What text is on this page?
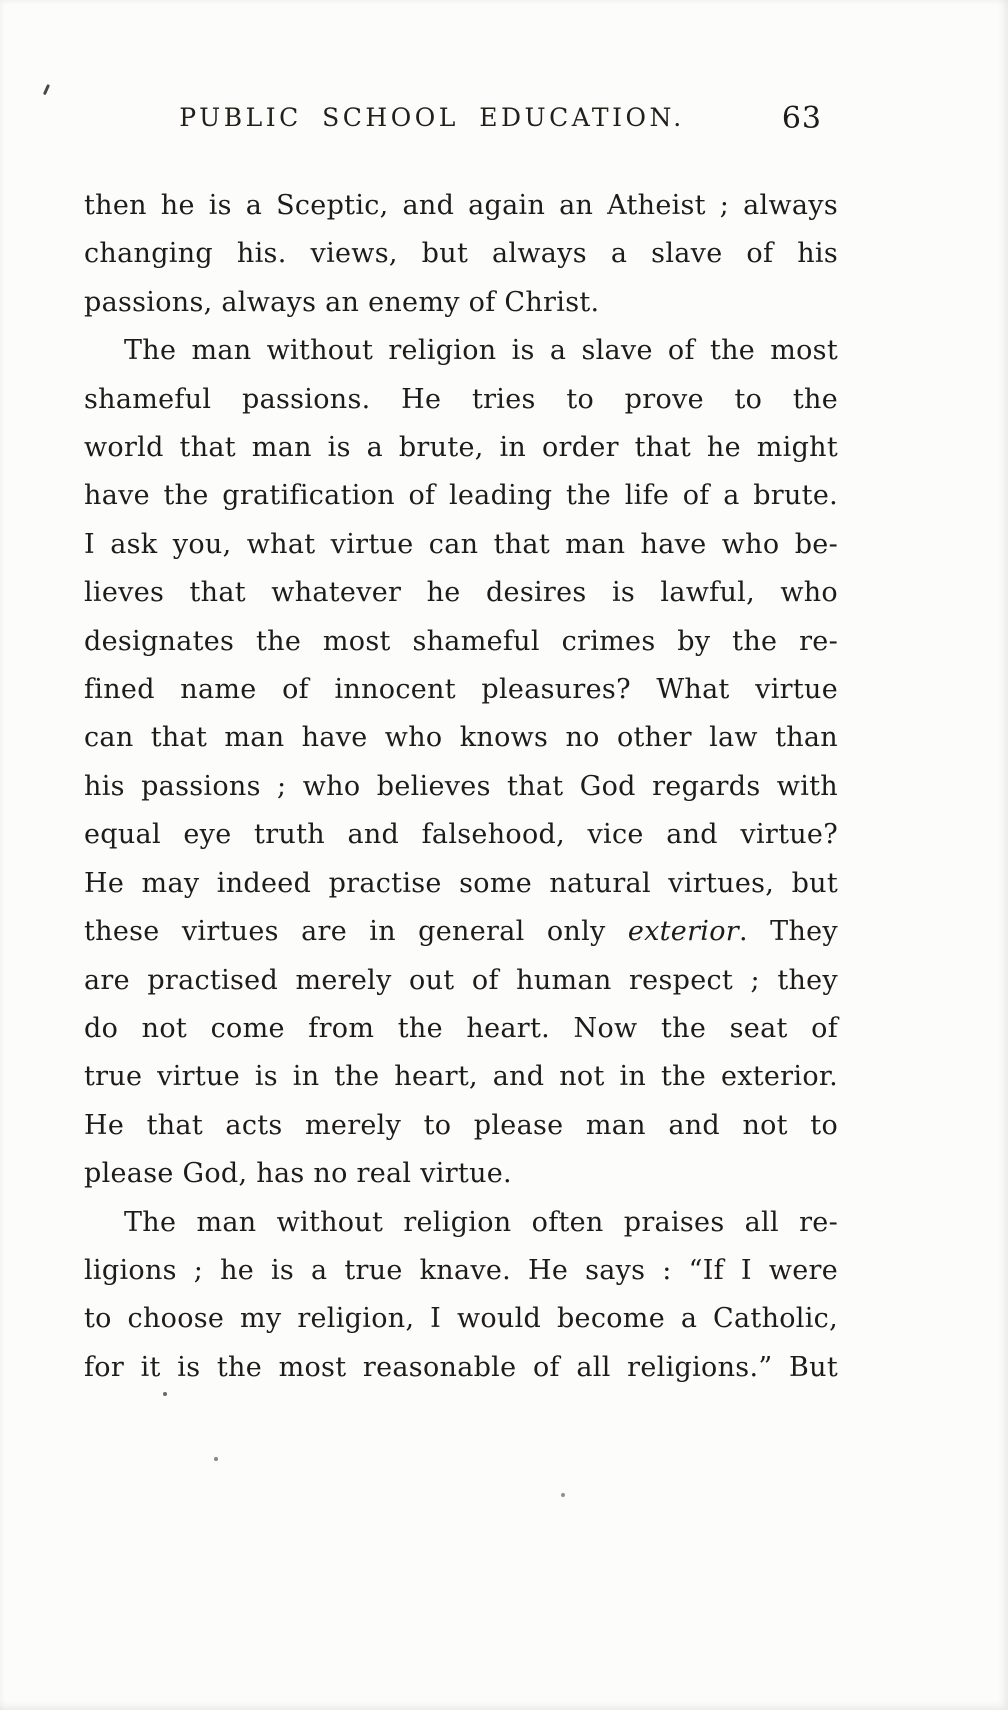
PUBLIC SCHOOL EDUCATION.	63
then he is a Sceptic, and again an Atheist ; always
changing his. views, but always a slave of his
passions, always an enemy of Christ.
The man without religion is a slave of the most
shameful passions. He tries to prove to the
world that man is a brute, in order that he might
have the gratification of leading the life of a brute.
I ask you, what virtue can that man have who be-
lieves that whatever he desires is lawful, who
designates the most shameful crimes by the re-
fined name of innocent pleasures? What virtue
can that man have who knows no other law than
his passions ; who believes that God regards with
equal eye truth and falsehood, vice and virtue?
He may indeed practise some natural virtues, but
these virtues are in general only exterior. They
are practised merely out of human respect ; they
do not come from the heart. Now the seat of
true virtue is in the heart, and not in the exterior.
He that acts merely to please man and not to
please God, has no real virtue.
The man without religion often praises all re-
ligions ; he is a true knave. He says : “If I were
to choose my religion, I would become a Catholic,
for it is the most reasonable of all religions.” But
